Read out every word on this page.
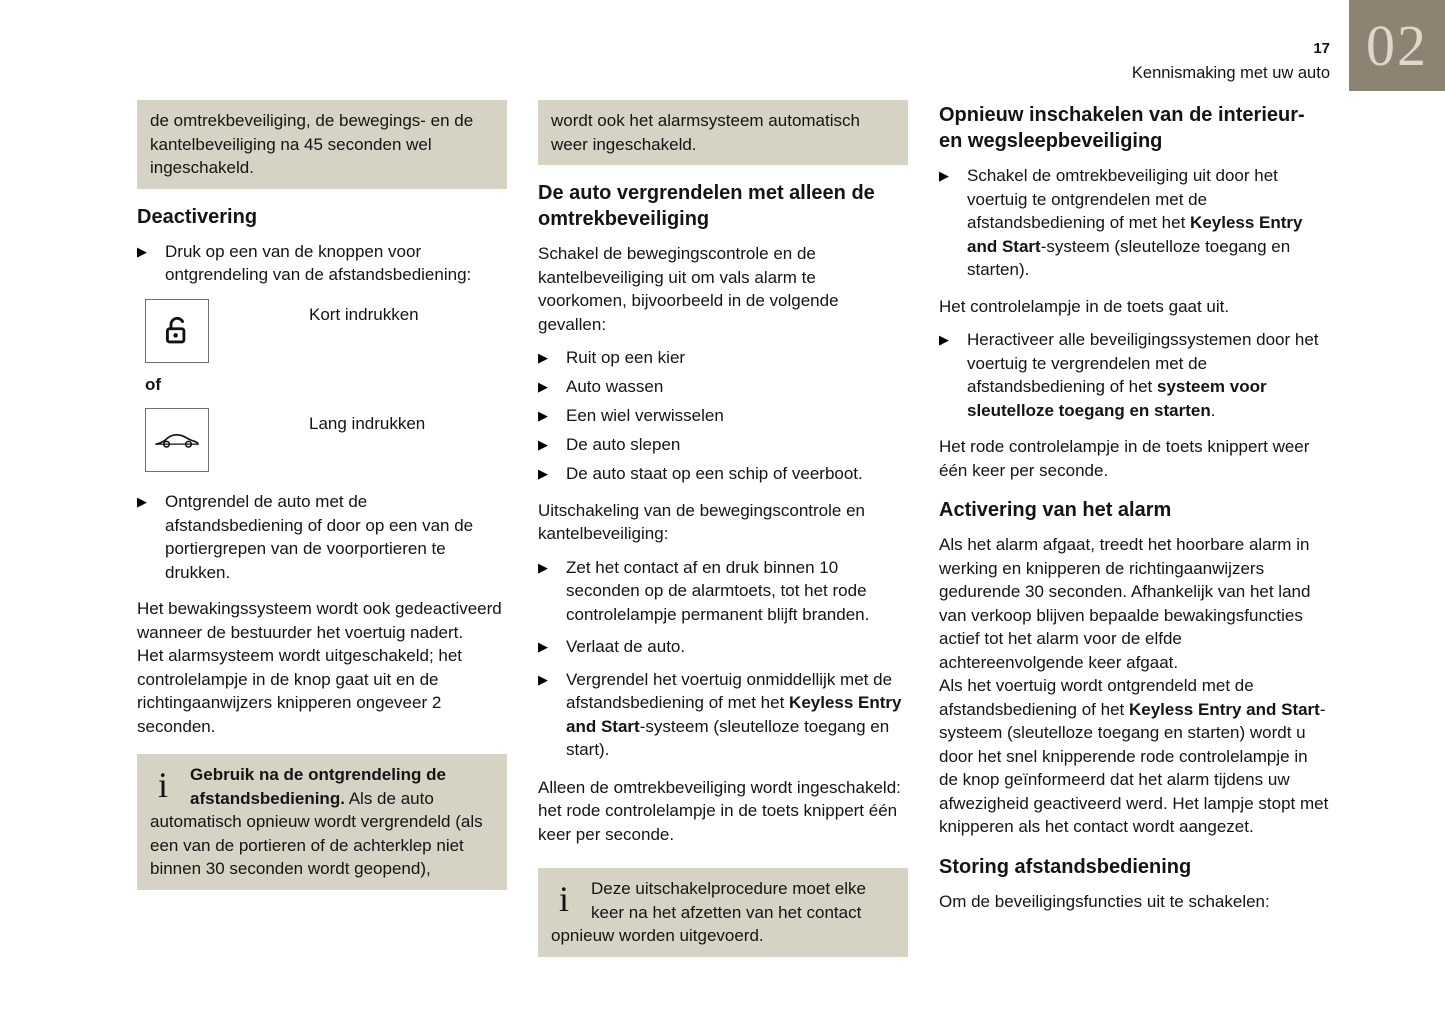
02
17
Kennismaking met uw auto
de omtrekbeveiliging, de bewegings- en de kantelbeveiliging na 45 seconden wel ingeschakeld.
Deactivering
▶	Druk op een van de knoppen voor ontgrendeling van de afstandsbediening:
Kort indrukken
of
Lang indrukken
▶	Ontgrendel de auto met de afstandsbediening of door op een van de portiergrepen van de voorportieren te drukken.

Het bewakingssysteem wordt ook gedeactiveerd wanneer de bestuurder het voertuig nadert.

Het alarmsysteem wordt uitgeschakeld; het controlelampje in de knop gaat uit en de richtingaanwijzers knipperen ongeveer 2 seconden.

i Gebruik na de ontgrendeling de afstandsbediening. Als de auto automatisch opnieuw wordt vergrendeld (als een van de portieren of de achterklep niet binnen 30 seconden wordt geopend),
wordt ook het alarmsysteem automatisch weer ingeschakeld.
De auto vergrendelen met alleen de omtrekbeveiliging

Schakel de bewegingscontrole en de kantelbeveiliging uit om vals alarm te voorkomen, bijvoorbeeld in de volgende gevallen:

▶	Ruit op een kier
▶	Auto wassen
▶	Een wiel verwisselen
▶	De auto slepen
▶	De auto staat op een schip of veerboot.

Uitschakeling van de bewegingscontrole en kantelbeveiliging:

▶	Zet het contact af en druk binnen 10 seconden op de alarmtoets, tot het rode controlelampje permanent blijft branden.
▶	Verlaat de auto.
▶	Vergrendel het voertuig onmiddellijk met de afstandsbediening of met het Keyless Entry and Start-systeem (sleutelloze toegang en start).

Alleen de omtrekbeveiliging wordt ingeschakeld: het rode controlelampje in de toets knippert één keer per seconde.

i Deze uitschakelprocedure moet elke keer na het afzetten van het contact opnieuw worden uitgevoerd.
Opnieuw inschakelen van de interieur- en wegsleepbeveiliging
▶	Schakel de omtrekbeveiliging uit door het voertuig te ontgrendelen met de afstandsbediening of met het Keyless Entry and Start-systeem (sleutelloze toegang en starten).

Het controlelampje in de toets gaat uit.

▶	Heractiveer alle beveiligingssystemen door het voertuig te vergrendelen met de afstandsbediening of het systeem voor sleutelloze toegang en starten.

Het rode controlelampje in de toets knippert weer één keer per seconde.

Activering van het alarm

Als het alarm afgaat, treedt het hoorbare alarm in werking en knipperen de richtingaanwijzers gedurende 30 seconden. Afhankelijk van het land van verkoop blijven bepaalde bewakingsfuncties actief tot het alarm voor de elfde achtereenvolgende keer afgaat.

Als het voertuig wordt ontgrendeld met de afstandsbediening of het Keyless Entry and Start-systeem (sleutelloze toegang en starten) wordt u door het snel knipperende rode controlelampje in de knop geïnformeerd dat het alarm tijdens uw afwezigheid geactiveerd werd. Het lampje stopt met knipperen als het contact wordt aangezet.

Storing afstandsbediening

Om de beveiligingsfuncties uit te schakelen:
